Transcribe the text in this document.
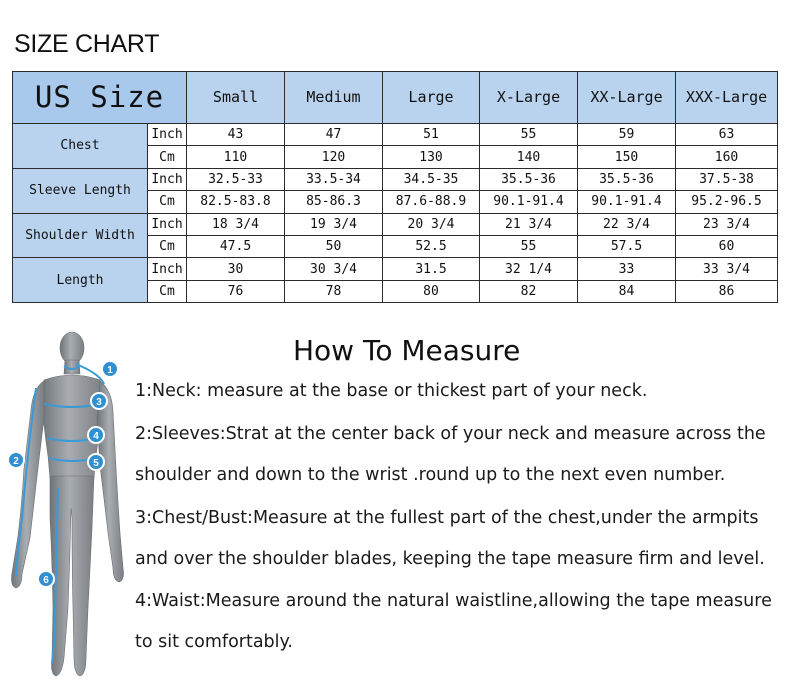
SIZE CHART
US Size		Small	Medium	Large	X-Large	XX-Large	XXX-Large
Chest	Inch	43	47	51	55	59	63
	Cm	110	120	130	140	150	160
Sleeve Length	Inch	32.5-33	33.5-34	34.5-35	35.5-36	35.5-36	37.5-38
	Cm	82.5-83.8	85-86.3	87.6-88.9	90.1-91.4	90.1-91.4	95.2-96.5
Shoulder Width	Inch	18 3/4	19 3/4	20 3/4	21 3/4	22 3/4	23 3/4
	Cm	47.5	50	52.5	55	57.5	60
Length	Inch	30	30 3/4	31.5	32 1/4	33	33 3/4
	Cm	76	78	80	82	84	86
1
2
3
4
5
6
How To Measure
1:Neck: measure at the base or thickest part of your neck.
2:Sleeves:Strat at the center back of your neck and measure across the
shoulder and down to the wrist .round up to the next even number.
3:Chest/Bust:Measure at the fullest part of the chest,under the armpits
and over the shoulder blades, keeping the tape measure firm and level.
4:Waist:Measure around the natural waistline,allowing the tape measure
to sit comfortably.
